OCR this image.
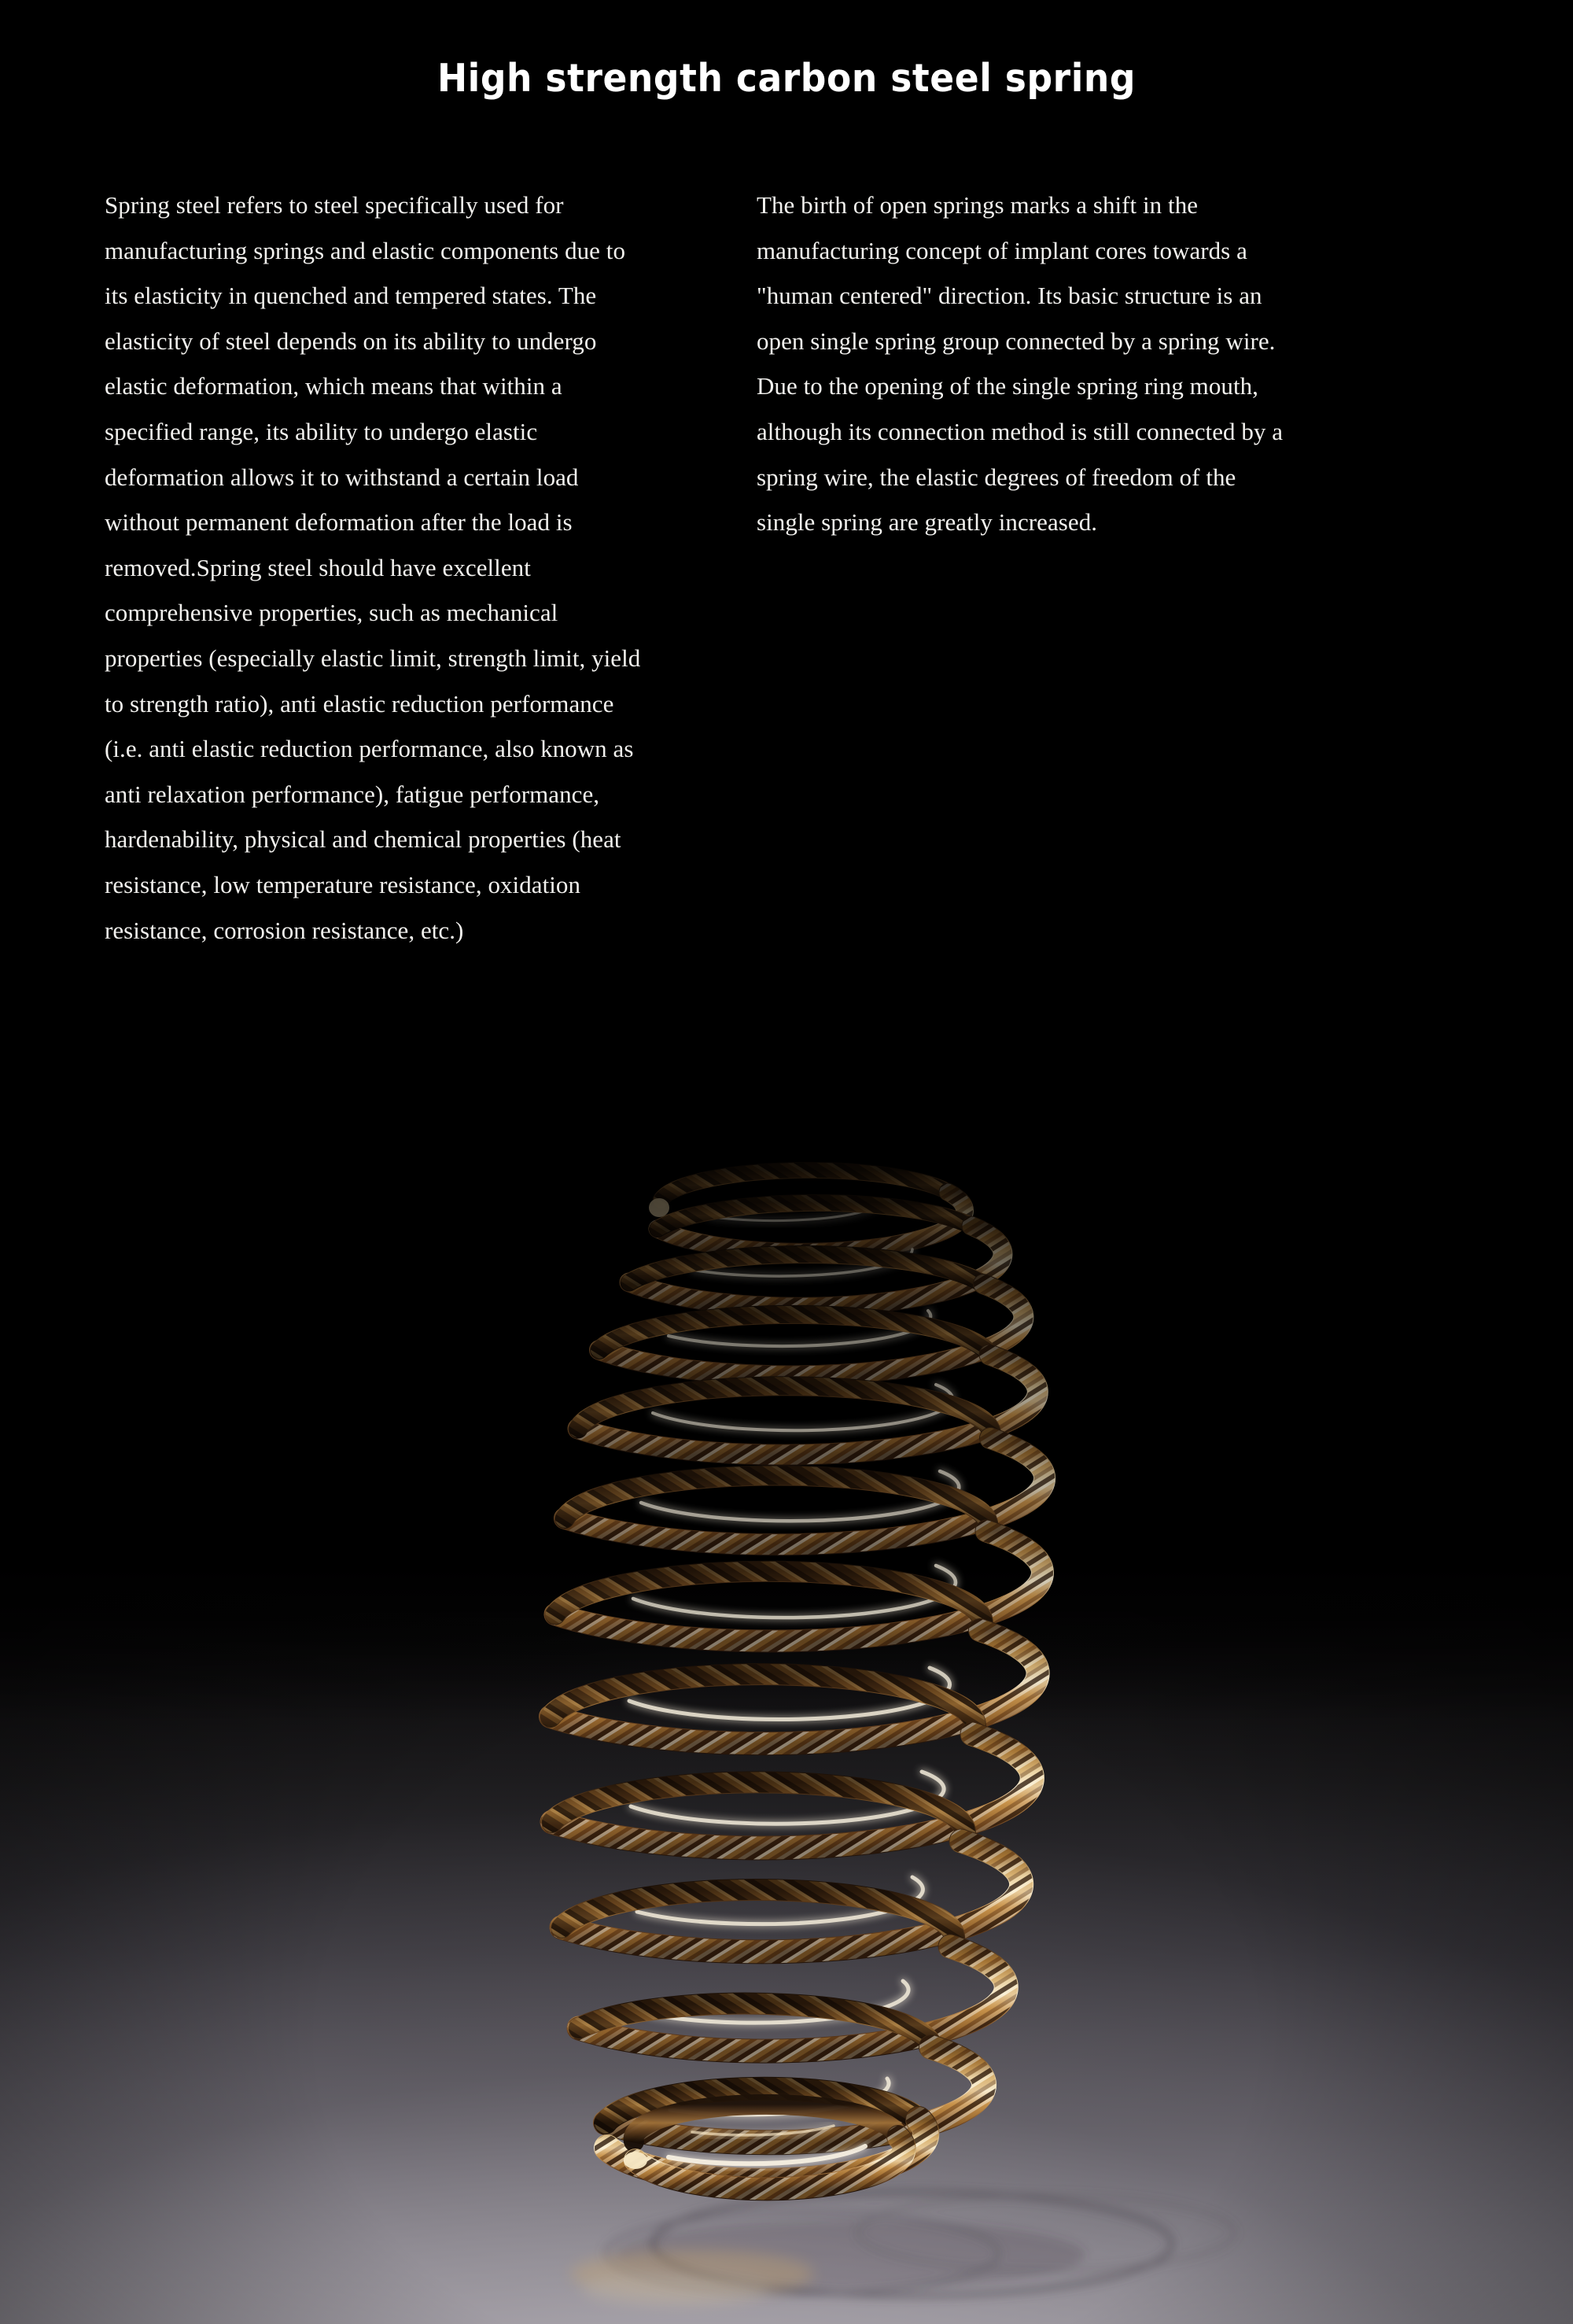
High strength carbon steel spring

Spring steel refers to steel specifically used for manufacturing springs and elastic components due to its elasticity in quenched and tempered states. The elasticity of steel depends on its ability to undergo elastic deformation, which means that within a specified range, its ability to undergo elastic deformation allows it to withstand a certain load without permanent deformation after the load is removed.Spring steel should have excellent comprehensive properties, such as mechanical properties (especially elastic limit, strength limit, yield to strength ratio), anti elastic reduction performance (i.e. anti elastic reduction performance, also known as anti relaxation performance), fatigue performance, hardenability, physical and chemical properties (heat resistance, low temperature resistance, oxidation resistance, corrosion resistance, etc.)

The birth of open springs marks a shift in the manufacturing concept of implant cores towards a "human centered" direction. Its basic structure is an open single spring group connected by a spring wire. Due to the opening of the single spring ring mouth, although its connection method is still connected by a spring wire, the elastic degrees of freedom of the single spring are greatly increased.
